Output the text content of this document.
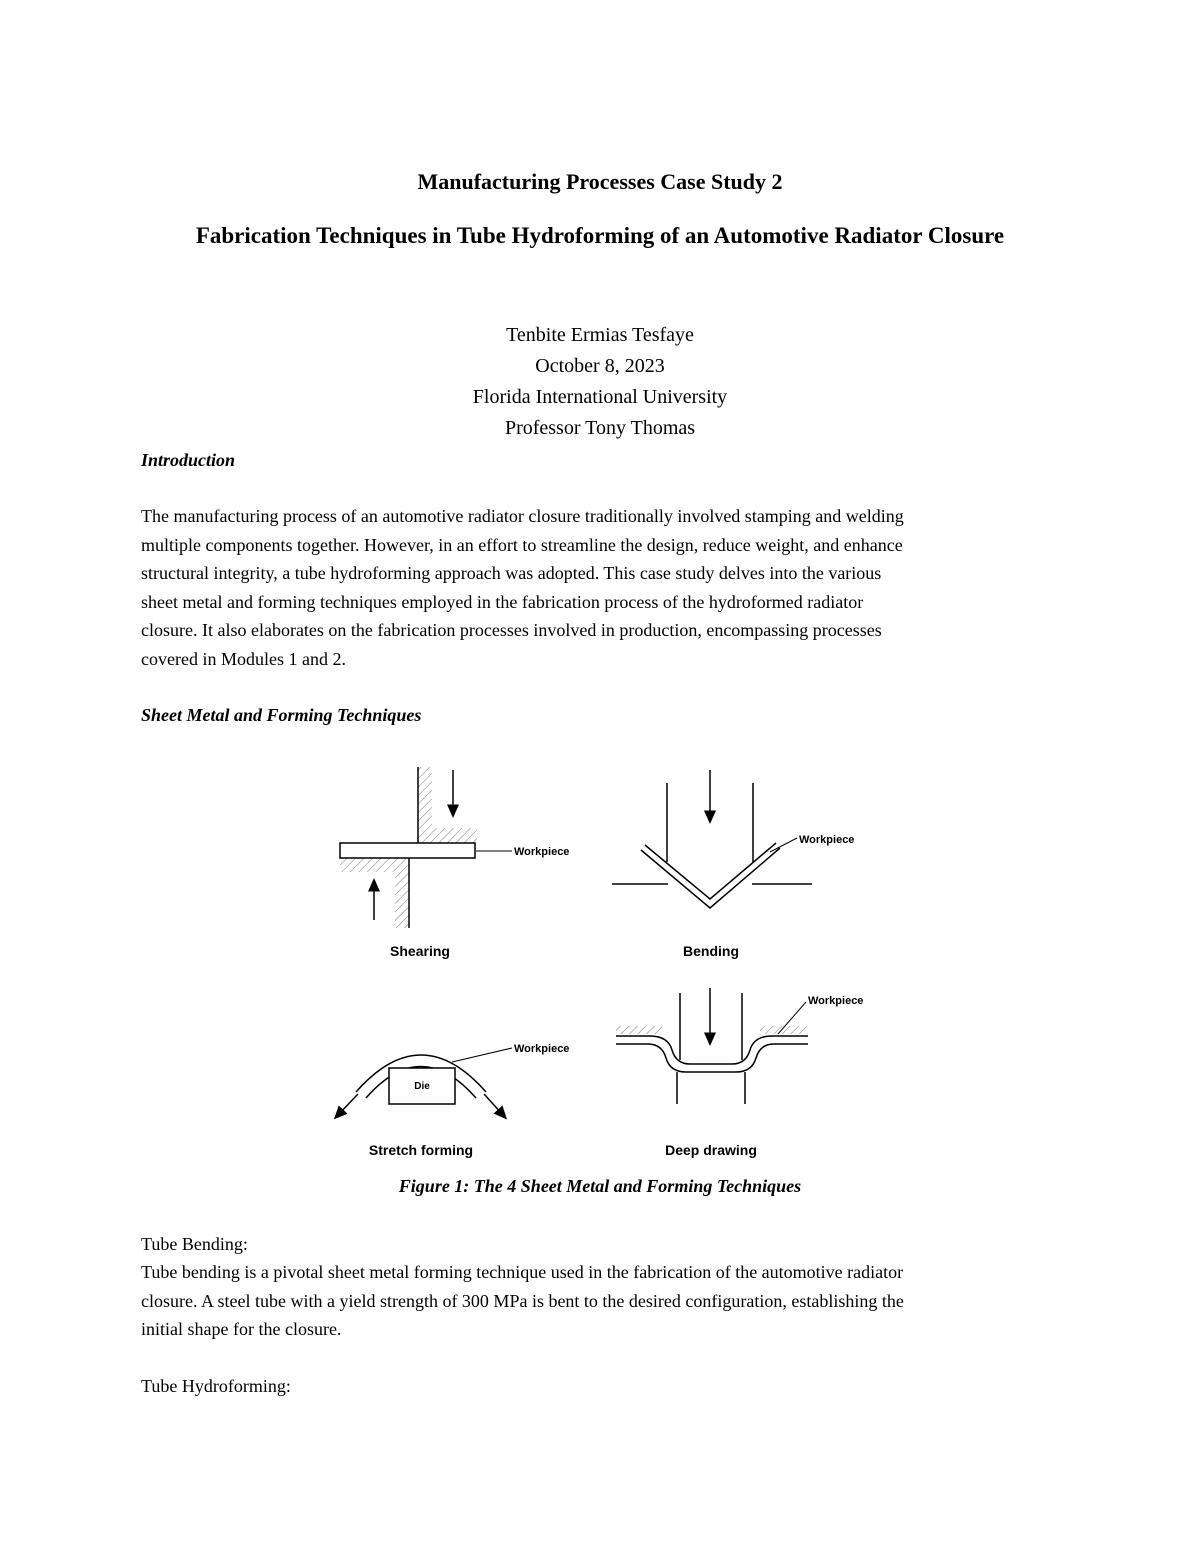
Manufacturing Processes Case Study 2
Fabrication Techniques in Tube Hydroforming of an Automotive Radiator Closure
Tenbite Ermias Tesfaye
October 8, 2023
Florida International University
Professor Tony Thomas
Introduction

The manufacturing process of an automotive radiator closure traditionally involved stamping and welding

multiple components together. However, in an effort to streamline the design, reduce weight, and enhance

structural integrity, a tube hydroforming approach was adopted. This case study delves into the various

sheet metal and forming techniques employed in the fabrication process of the hydroformed radiator

closure. It also elaborates on the fabrication processes involved in production, encompassing processes

covered in Modules 1 and 2.

Sheet Metal and Forming Techniques
Workpiece
Shearing
Workpiece
Bending
Die
Workpiece
Stretch forming
Workpiece
Deep drawing
Figure 1: The 4 Sheet Metal and Forming Techniques
Tube Bending:

Tube bending is a pivotal sheet metal forming technique used in the fabrication of the automotive radiator

closure. A steel tube with a yield strength of 300 MPa is bent to the desired configuration, establishing the

initial shape for the closure.

Tube Hydroforming:
